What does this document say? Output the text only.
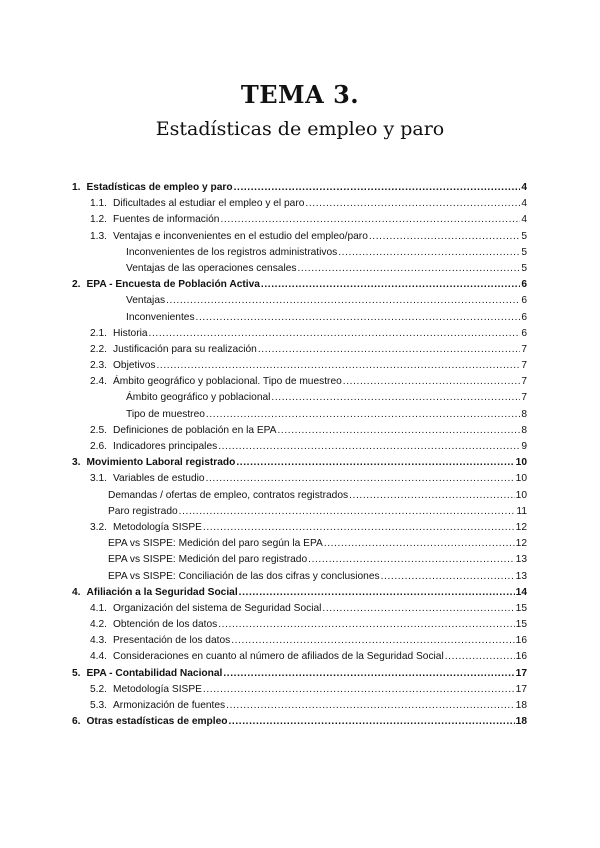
TEMA 3.
Estadísticas de empleo y paro
1. Estadísticas de empleo y paro .....	4
1.1. Dificultades al estudiar el empleo y el paro .....	4
1.2. Fuentes de información .....	4
1.3. Ventajas e inconvenientes en el estudio del empleo/paro .....	5
Inconvenientes de los registros administrativos .....	5
Ventajas de las operaciones censales .....	5
2. EPA - Encuesta de Población Activa .....	6
Ventajas .....	6
Inconvenientes .....	6
2.1. Historia .....	6
2.2. Justificación para su realización .....	7
2.3. Objetivos .....	7
2.4. Ámbito geográfico y poblacional. Tipo de muestreo .....	7
Ámbito geográfico y poblacional .....	7
Tipo de muestreo .....	8
2.5. Definiciones de población en la EPA .....	8
2.6. Indicadores principales .....	9
3. Movimiento Laboral registrado .....	10
3.1. Variables de estudio .....	10
Demandas / ofertas de empleo, contratos registrados .....	10
Paro registrado .....	11
3.2. Metodología SISPE .....	12
EPA vs SISPE: Medición del paro según la EPA .....	12
EPA vs SISPE: Medición del paro registrado .....	13
EPA vs SISPE: Conciliación de las dos cifras y conclusiones .....	13
4. Afiliación a la Seguridad Social .....	14
4.1. Organización del sistema de Seguridad Social .....	15
4.2. Obtención de los datos .....	15
4.3. Presentación de los datos .....	16
4.4. Consideraciones en cuanto al número de afiliados de la Seguridad Social .....	16
5. EPA - Contabilidad Nacional .....	17
5.2. Metodología SISPE .....	17
5.3. Armonización de fuentes .....	18
6. Otras estadísticas de empleo .....	18
